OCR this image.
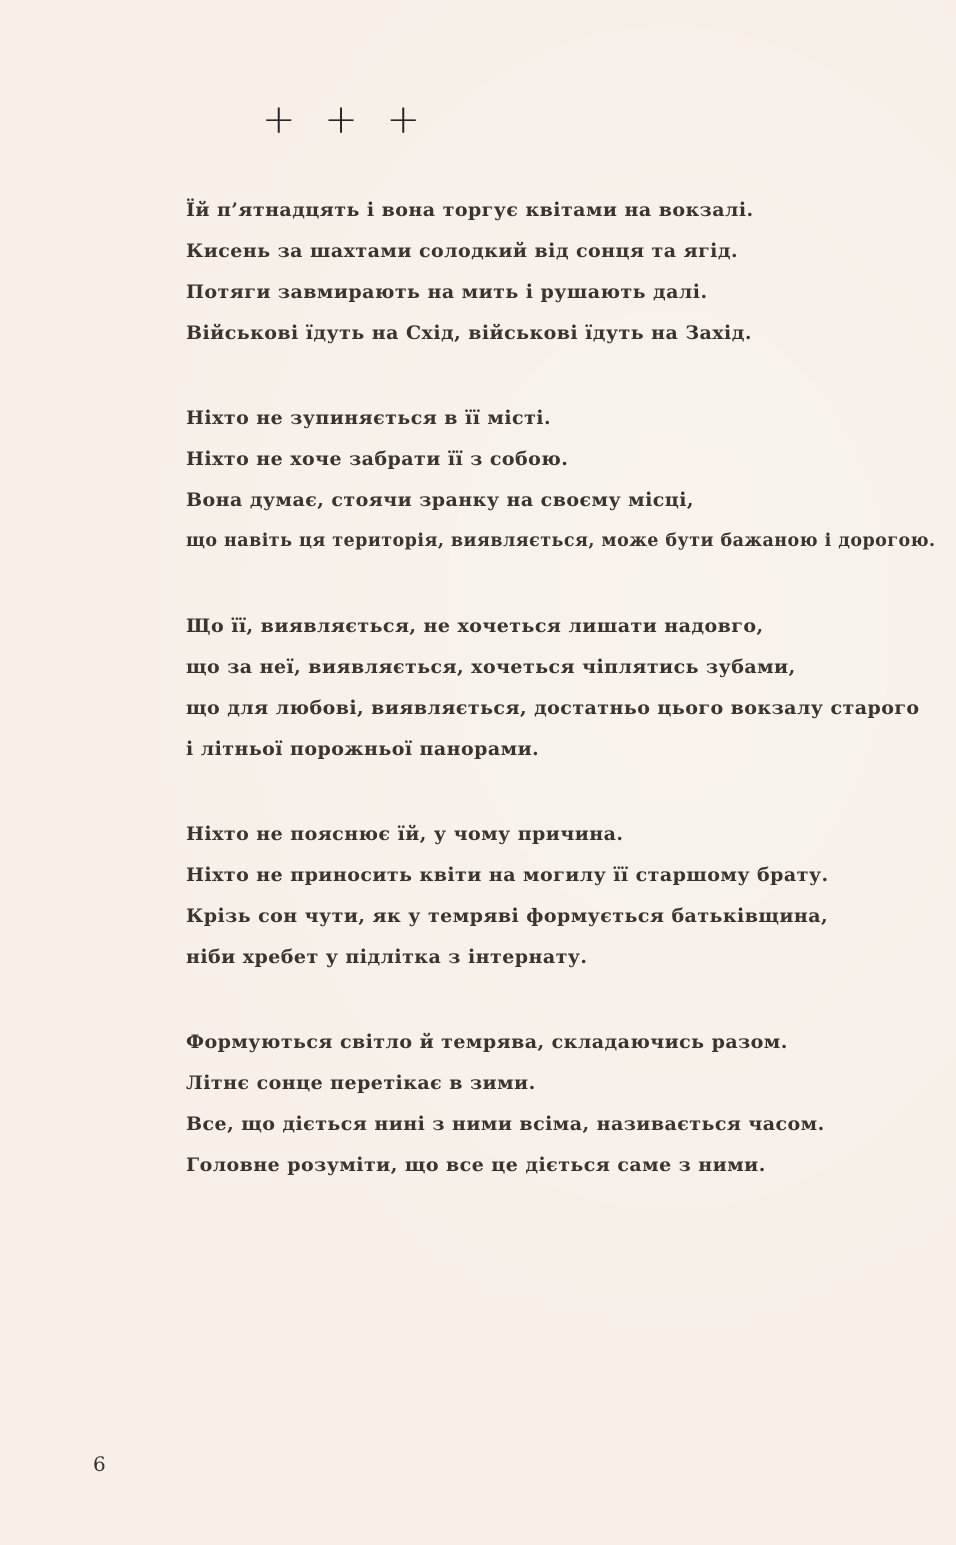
+ + +
Їй п’ятнадцять і вона торгує квітами на вокзалі.
Кисень за шахтами солодкий від сонця та ягід.
Потяги завмирають на мить і рушають далі.
Військові їдуть на Схід, військові їдуть на Захід.
Ніхто не зупиняється в її місті.
Ніхто не хоче забрати її з собою.
Вона думає, стоячи зранку на своєму місці,
що навіть ця територія, виявляється, може бути бажаною і дорогою.
Що її, виявляється, не хочеться лишати надовго,
що за неї, виявляється, хочеться чіплятись зубами,
що для любові, виявляється, достатньо цього вокзалу старого
і літньої порожньої панорами.
Ніхто не пояснює їй, у чому причина.
Ніхто не приносить квіти на могилу її старшому брату.
Крізь сон чути, як у темряві формується батьківщина,
ніби хребет у підлітка з інтернату.
Формуються світло й темрява, складаючись разом.
Літнє сонце перетікає в зими.
Все, що діється нині з ними всіма, називається часом.
Головне розуміти, що все це діється саме з ними.
6
